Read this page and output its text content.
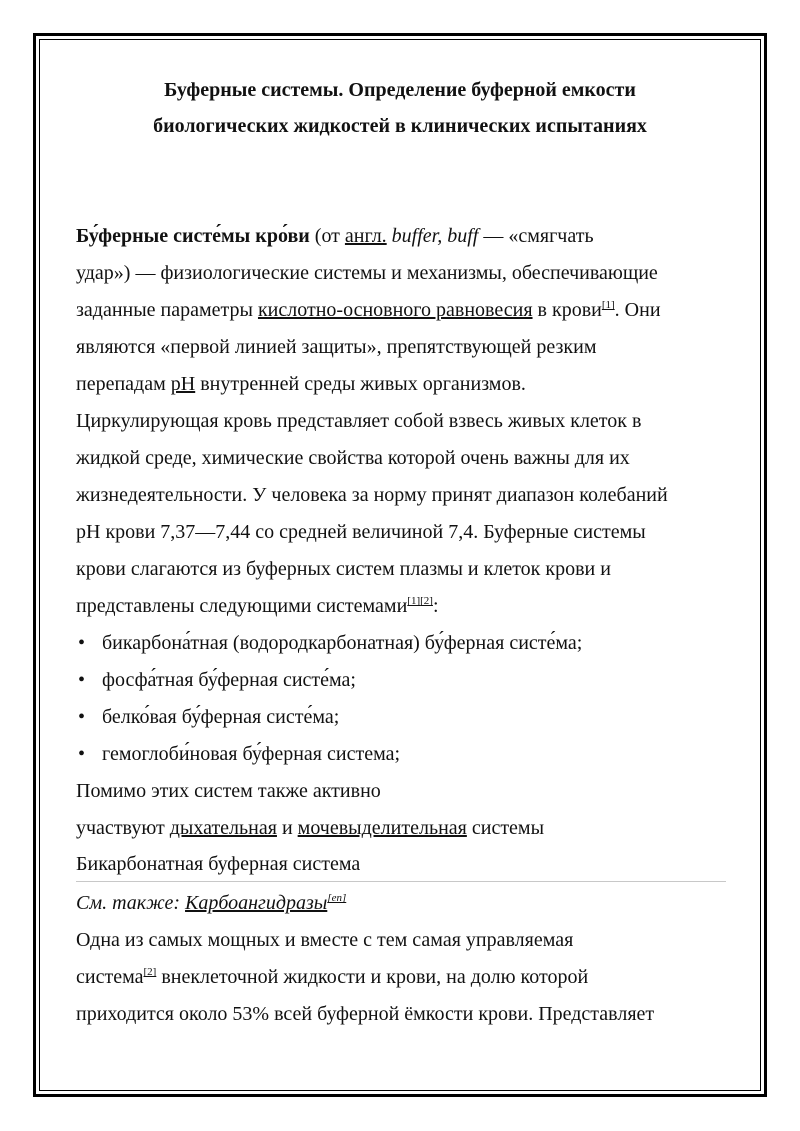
Буферные системы. Определение буферной емкости
биологических жидкостей в клинических испытаниях

Бу́ферные систе́мы кро́ви (от англ. buffer, buff — «смягчать
удар») — физиологические системы и механизмы, обеспечивающие
заданные параметры кислотно-основного равновесия в крови[1]. Они
являются «первой линией защиты», препятствующей резким
перепадам pH внутренней среды живых организмов.

Циркулирующая кровь представляет собой взвесь живых клеток в
жидкой среде, химические свойства которой очень важны для их
жизнедеятельности. У человека за норму принят диапазон колебаний
pH крови 7,37—7,44 со средней величиной 7,4. Буферные системы
крови слагаются из буферных систем плазмы и клеток крови и
представлены следующими системами[1][2]:

• бикарбона́тная (водородкарбонатная) бу́ферная систе́ма;
• фосфа́тная бу́ферная систе́ма;
• белко́вая бу́ферная систе́ма;
• гемоглоби́новая бу́ферная система;

Помимо этих систем также активно
участвуют дыхательная и мочевыделительная системы

Бикарбонатная буферная система

См. также: Карбоангидразы[en]

Одна из самых мощных и вместе с тем самая управляемая
система[2] внеклеточной жидкости и крови, на долю которой
приходится около 53% всей буферной ёмкости крови. Представляет
